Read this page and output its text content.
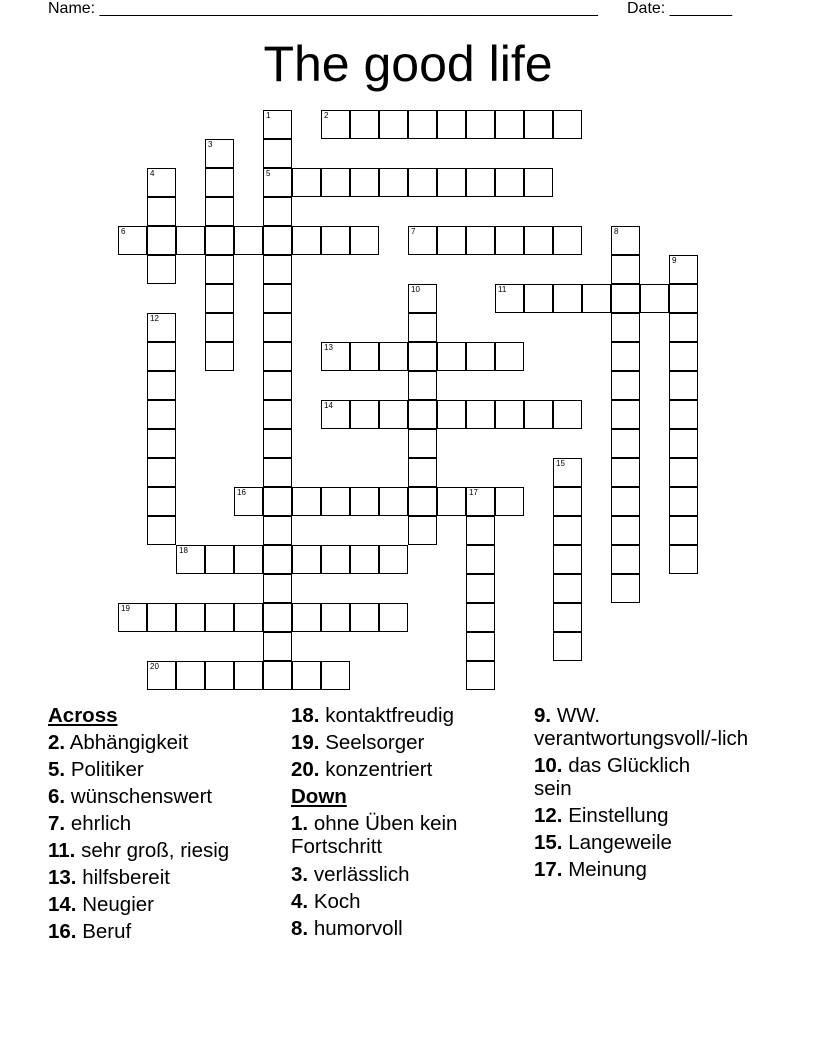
Name: ________________________________________________________ Date: _______
The good life
1
5
2
3
4
6	7	8
9
10	11
12
13
14
15
16	17
18
19
20
Across
2. Abhängigkeit
5. Politiker
6. wünschenswert
7. ehrlich
11. sehr groß, riesig
13. hilfsbereit
14. Neugier
16. Beruf
18. kontaktfreudig
19. Seelsorger
20. konzentriert
Down
1. ohne Üben kein Fortschritt
3. verlässlich
4. Koch
8. humorvoll
9. WW. verantwortungsvoll/-lich
10. das Glücklich sein
12. Einstellung
15. Langeweile
17. Meinung
